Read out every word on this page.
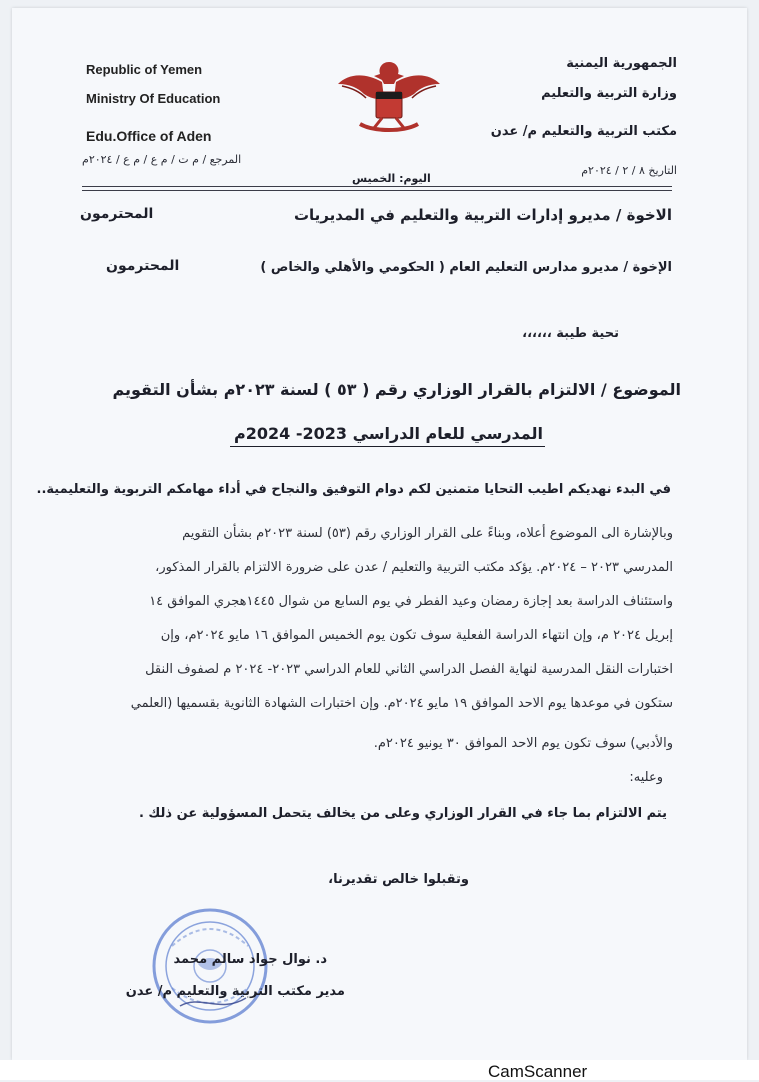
Republic of Yemen
Ministry Of Education
Edu.Office of Aden
الجمهورية اليمنية
وزارة التربية والتعليم
مكتب التربية والتعليم م/ عدن
المرجع / م ت / م ع / م ع / ٢٠٢٤م
اليوم: الخميس
التاريخ ٨ / ٢ / ٢٠٢٤م
الاخوة / مديرو إدارات التربية والتعليم في المديريات
المحترمون
الإخوة / مديرو مدارس التعليم العام ( الحكومي والأهلي والخاص )
المحترمون
تحية طيبة ،،،،،،
الموضوع / الالتزام بالقرار الوزاري رقم ( ٥٣ ) لسنة ٢٠٢٣م بشأن التقويم
المدرسي للعام الدراسي 2023- 2024م
في البدء نهديكم اطيب التحايا متمنين لكم دوام التوفيق والنجاح في أداء مهامكم التربوية والتعليمية..
وبالإشارة الى الموضوع أعلاه، وبناءً على القرار الوزاري رقم (٥٣) لسنة ٢٠٢٣م بشأن التقويم
المدرسي ٢٠٢٣ – ٢٠٢٤م. يؤكد مكتب التربية والتعليم / عدن على ضرورة الالتزام بالقرار المذكور،
واستئناف الدراسة بعد إجازة رمضان وعيد الفطر في يوم السابع من شوال ١٤٤٥هجري الموافق ١٤
إبريل ٢٠٢٤ م، وإن انتهاء الدراسة الفعلية سوف تكون يوم الخميس الموافق ١٦ مايو ٢٠٢٤م، وإن
اختبارات النقل المدرسية لنهاية الفصل الدراسي الثاني للعام الدراسي ٢٠٢٣- ٢٠٢٤ م لصفوف النقل
ستكون في موعدها يوم الاحد الموافق ١٩ مايو ٢٠٢٤م. وإن اختبارات الشهادة الثانوية بقسميها (العلمي
والأدبي) سوف تكون يوم الاحد الموافق ٣٠ يونيو ٢٠٢٤م.
وعليه:
يتم الالتزام بما جاء في القرار الوزاري وعلى من يخالف يتحمل المسؤولية عن ذلك .
وتقبلوا خالص تقديرنا،
د. نوال جواد سالم محمد
مدير مكتب التربية والتعليم م/ عدن
CamScanner
